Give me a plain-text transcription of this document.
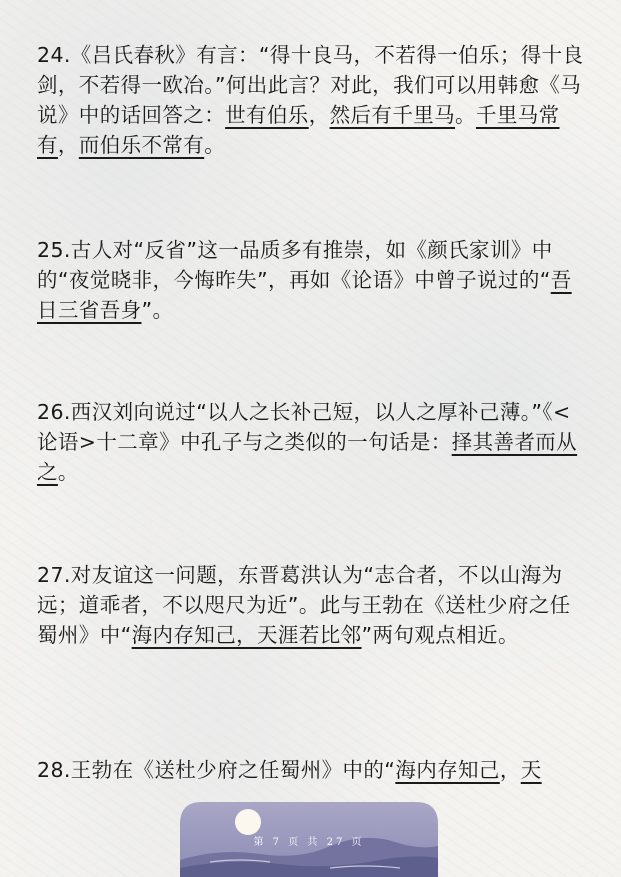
24.《吕氏春秋》有言：“得十良马，不若得一伯乐；得十良剑，不若得一欧冶。”何出此言？对此，我们可以用韩愈《马说》中的话回答之：世有伯乐，然后有千里马。千里马常有，而伯乐不常有。

25.古人对“反省”这一品质多有推崇，如《颜氏家训》中的“夜觉晓非，今悔昨失”，再如《论语》中曾子说过的“吾日三省吾身”。

26.西汉刘向说过“以人之长补己短，以人之厚补己薄。”《<论语>十二章》中孔子与之类似的一句话是：择其善者而从之。

27.对友谊这一问题，东晋葛洪认为“志合者，不以山海为远；道乖者，不以咫尺为近”。此与王勃在《送杜少府之任蜀州》中“海内存知己，天涯若比邻”两句观点相近。

28.王勃在《送杜少府之任蜀州》中的“海内存知己，天

第 7 页 共 27 页
